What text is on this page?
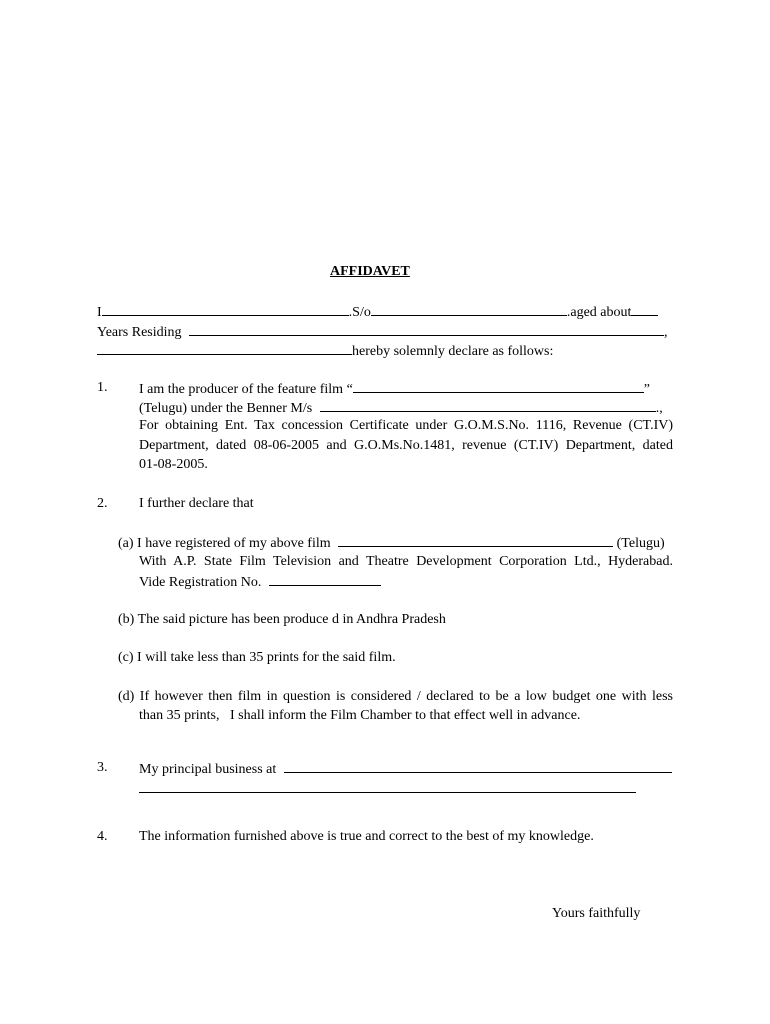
AFFIDAVET
I	.S/o	.aged about
Years Residing	,
hereby solemnly declare as follows:
1. I am the producer of the feature film “	”
(Telugu) under the Benner M/s	.,
For obtaining Ent. Tax concession Certificate under G.O.M.S.No. 1116, Revenue (CT.IV)
Department, dated 08-06-2005 and G.O.Ms.No.1481, revenue (CT.IV) Department, dated
01-08-2005.
2. I further declare that
(a) I have registered of my above film	(Telugu)
With A.P. State Film Television and Theatre Development Corporation Ltd., Hyderabad.
Vide Registration No.
(b) The said picture has been produce d in Andhra Pradesh
(c) I will take less than 35 prints for the said film.
(d) If however then film in question is considered / declared to be a low budget one with less
than 35 prints,   I shall inform the Film Chamber to that effect well in advance.
3. My principal business at
4. The information furnished above is true and correct to the best of my knowledge.
Yours faithfully
